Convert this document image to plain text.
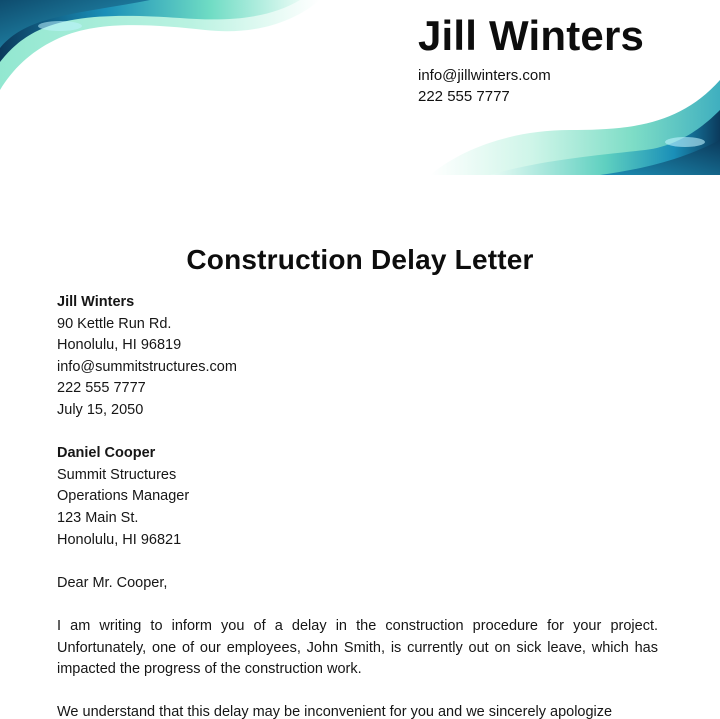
Jill Winters
info@jillwinters.com
222 555 7777
Construction Delay Letter
Jill Winters
90 Kettle Run Rd.
Honolulu, HI 96819
info@summitstructures.com
222 555 7777
July 15, 2050
Daniel Cooper
Summit Structures
Operations Manager
123 Main St.
Honolulu, HI 96821

Dear Mr. Cooper,

I am writing to inform you of a delay in the construction procedure for your project. Unfortunately, one of our employees, John Smith, is currently out on sick leave, which has impacted the progress of the construction work.

We understand that this delay may be inconvenient for you and we sincerely apologize
